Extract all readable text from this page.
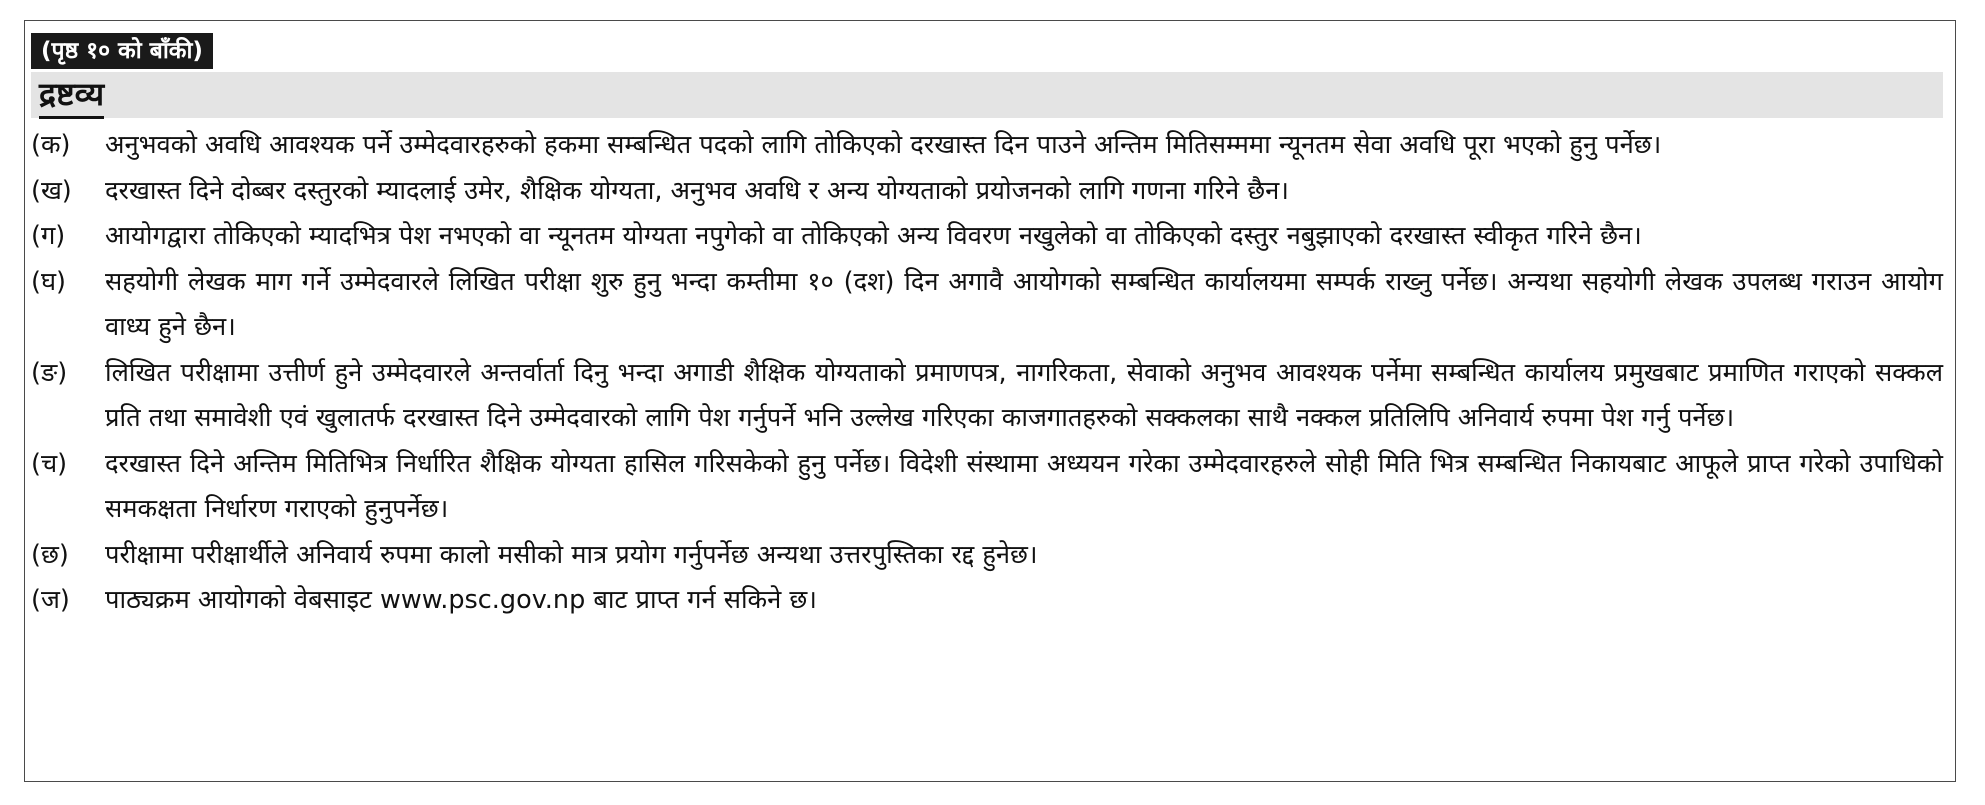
(पृष्ठ १० को बाँकी)
द्रष्टव्य
(क)	अनुभवको अवधि आवश्यक पर्ने उम्मेदवारहरुको हकमा सम्बन्धित पदको लागि तोकिएको दरखास्त दिन पाउने अन्तिम मितिसम्ममा न्यूनतम सेवा अवधि पूरा भएको हुनु पर्नेछ।
(ख)	दरखास्त दिने दोब्बर दस्तुरको म्यादलाई उमेर, शैक्षिक योग्यता, अनुभव अवधि र अन्य योग्यताको प्रयोजनको लागि गणना गरिने छैन।
(ग)	आयोगद्वारा तोकिएको म्यादभित्र पेश नभएको वा न्यूनतम योग्यता नपुगेको वा तोकिएको अन्य विवरण नखुलेको वा तोकिएको दस्तुर नबुझाएको दरखास्त स्वीकृत गरिने छैन।
(घ)	सहयोगी लेखक माग गर्ने उम्मेदवारले लिखित परीक्षा शुरु हुनु भन्दा कम्तीमा १० (दश) दिन अगावै आयोगको सम्बन्धित कार्यालयमा सम्पर्क राख्नु पर्नेछ। अन्यथा सहयोगी लेखक उपलब्ध गराउन आयोग वाध्य हुने छैन।
(ङ)	लिखित परीक्षामा उत्तीर्ण हुने उम्मेदवारले अन्तर्वार्ता दिनु भन्दा अगाडी शैक्षिक योग्यताको प्रमाणपत्र, नागरिकता, सेवाको अनुभव आवश्यक पर्नेमा सम्बन्धित कार्यालय प्रमुखबाट प्रमाणित गराएको सक्कल प्रति तथा समावेशी एवं खुलातर्फ दरखास्त दिने उम्मेदवारको लागि पेश गर्नुपर्ने भनि उल्लेख गरिएका काजगातहरुको सक्कलका साथै नक्कल प्रतिलिपि अनिवार्य रुपमा पेश गर्नु पर्नेछ।
(च)	दरखास्त दिने अन्तिम मितिभित्र निर्धारित शैक्षिक योग्यता हासिल गरिसकेको हुनु पर्नेछ। विदेशी संस्थामा अध्ययन गरेका उम्मेदवारहरुले सोही मिति भित्र सम्बन्धित निकायबाट आफूले प्राप्त गरेको उपाधिको समकक्षता निर्धारण गराएको हुनुपर्नेछ।
(छ)	परीक्षामा परीक्षार्थीले अनिवार्य रुपमा कालो मसीको मात्र प्रयोग गर्नुपर्नेछ अन्यथा उत्तरपुस्तिका रद्द हुनेछ।
(ज)	पाठ्यक्रम आयोगको वेबसाइट www.psc.gov.np बाट प्राप्त गर्न सकिने छ।
